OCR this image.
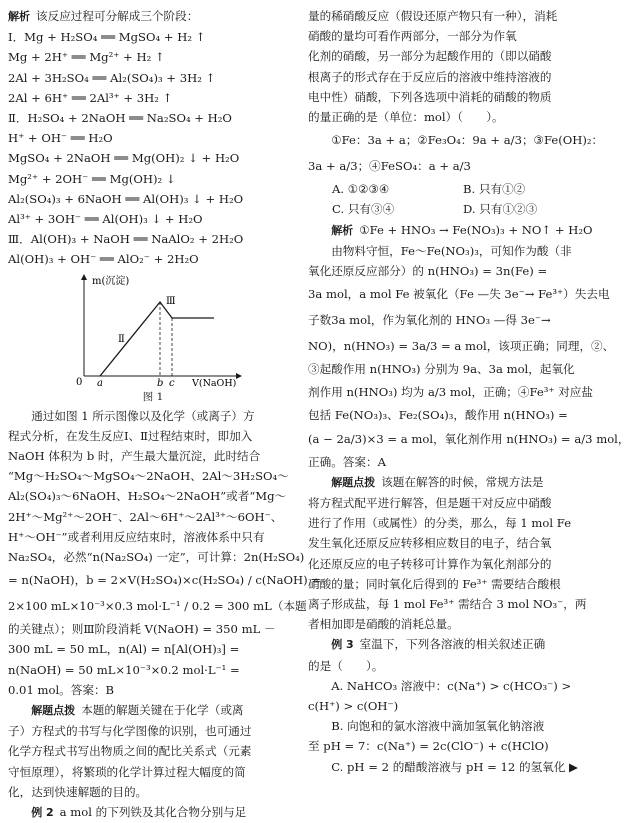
解析 该反应过程可分解成三个阶段：
Ⅰ．Mg + H₂SO₄ ══ MgSO₄ + H₂ ↑
Mg + 2H⁺ ══ Mg²⁺ + H₂ ↑
2Al + 3H₂SO₄ ══ Al₂(SO₄)₃ + 3H₂ ↑
2Al + 6H⁺ ══ 2Al³⁺ + 3H₂ ↑
Ⅱ．H₂SO₄ + 2NaOH ══ Na₂SO₄ + H₂O
H⁺ + OH⁻ ══ H₂O
MgSO₄ + 2NaOH ══ Mg(OH)₂ ↓ + H₂O
Mg²⁺ + 2OH⁻ ══ Mg(OH)₂ ↓
Al₂(SO₄)₃ + 6NaOH ══ Al(OH)₃ ↓ + H₂O
Al³⁺ + 3OH⁻ ══ Al(OH)₃ ↓ + H₂O
Ⅲ．Al(OH)₃ + NaOH ══ NaAlO₂ + 2H₂O
Al(OH)₃ + OH⁻ ══ AlO₂⁻ + 2H₂O
m(沉淀)
0 a	b c V(NaOH)
Ⅱ
Ⅲ
图 1
通过如图 1 所示图像以及化学（或离子）方
程式分析，在发生反应Ⅰ、Ⅱ过程结束时，即加入
NaOH 体积为 b 时，产生最大量沉淀，此时结合
“Mg～H₂SO₄～MgSO₄～2NaOH、2Al～3H₂SO₄～
Al₂(SO₄)₃～6NaOH、H₂SO₄～2NaOH”或者“Mg～
2H⁺～Mg²⁺～2OH⁻、2Al～6H⁺～2Al³⁺～6OH⁻、
H⁺～OH⁻”或者利用反应结束时，溶液体系中只有
Na₂SO₄，必然“n(Na₂SO₄) 一定”，可计算：2n(H₂SO₄)
= n(NaOH)，b = 2×V(H₂SO₄)×c(H₂SO₄) / c(NaOH) =
2×100 mL×10⁻³×0.3 mol·L⁻¹ / 0.2 = 300 mL（本题
的关键点）；则Ⅲ阶段消耗 V(NaOH) = 350 mL －
300 mL = 50 mL，n(Al) = n[Al(OH)₃] =
n(NaOH) = 50 mL×10⁻³×0.2 mol·L⁻¹ =
0.01 mol。答案：B
解题点拨 本题的解题关键在于化学（或离
子）方程式的书写与化学图像的识别，也可通过
化学方程式书写出物质之间的配比关系式（元素
守恒原理），将繁琐的化学计算过程大幅度的简
化，达到快速解题的目的。
例 2 a mol 的下列铁及其化合物分别与足
量的稀硝酸反应（假设还原产物只有一种），消耗
硝酸的量均可看作两部分，一部分为作氧
化剂的硝酸，另一部分为起酸作用的（即以硝酸
根离子的形式存在于反应后的溶液中维持溶液的
电中性）硝酸，下列各选项中消耗的硝酸的物质
的量正确的是（单位：mol）（　　）。
①Fe：3a + a；②Fe₃O₄：9a + a/3；③Fe(OH)₂：
3a + a/3；④FeSO₄：a + a/3
A. ①②③④	B. 只有①②
C. 只有③④	D. 只有①②③
解析 ①Fe + HNO₃ → Fe(NO₃)₃ + NO↑ + H₂O
由物料守恒，Fe～Fe(NO₃)₃，可知作为酸（非
氧化还原反应部分）的 n(HNO₃) = 3n(Fe) =
3a mol，a mol Fe 被氧化（Fe —失 3e⁻→ Fe³⁺）失去电
子数3a mol，作为氧化剂的 HNO₃ —得 3e⁻→
NO)，n(HNO₃) = 3a/3 = a mol，该项正确；同理，②、
③起酸作用 n(HNO₃) 分别为 9a、3a mol，起氧化
剂作用 n(HNO₃) 均为 a/3 mol，正确；④Fe³⁺ 对应盐
包括 Fe(NO₃)₃、Fe₂(SO₄)₃，酸作用 n(HNO₃) =
(a − 2a/3)×3 = a mol，氧化剂作用 n(HNO₃) = a/3 mol，
正确。答案：A
解题点拨 该题在解答的时候，常规方法是
将方程式配平进行解答，但是题干对反应中硝酸
进行了作用（或属性）的分类，那么，每 1 mol Fe
发生氧化还原反应转移相应数目的电子，结合氧
化还原反应的电子转移可计算作为氧化剂部分的
硝酸的量；同时氧化后得到的 Fe³⁺ 需要结合酸根
离子形成盐，每 1 mol Fe³⁺ 需结合 3 mol NO₃⁻，两
者相加即是硝酸的消耗总量。
例 3 室温下，下列各溶液的相关叙述正确
的是（　　）。
A. NaHCO₃ 溶液中：c(Na⁺) > c(HCO₃⁻) >
c(H⁺) > c(OH⁻)
B. 向饱和的氯水溶液中滴加氢氧化钠溶液
至 pH = 7：c(Na⁺) = 2c(ClO⁻) + c(HClO)
C. pH = 2 的醋酸溶液与 pH = 12 的氢氧化 ▶
